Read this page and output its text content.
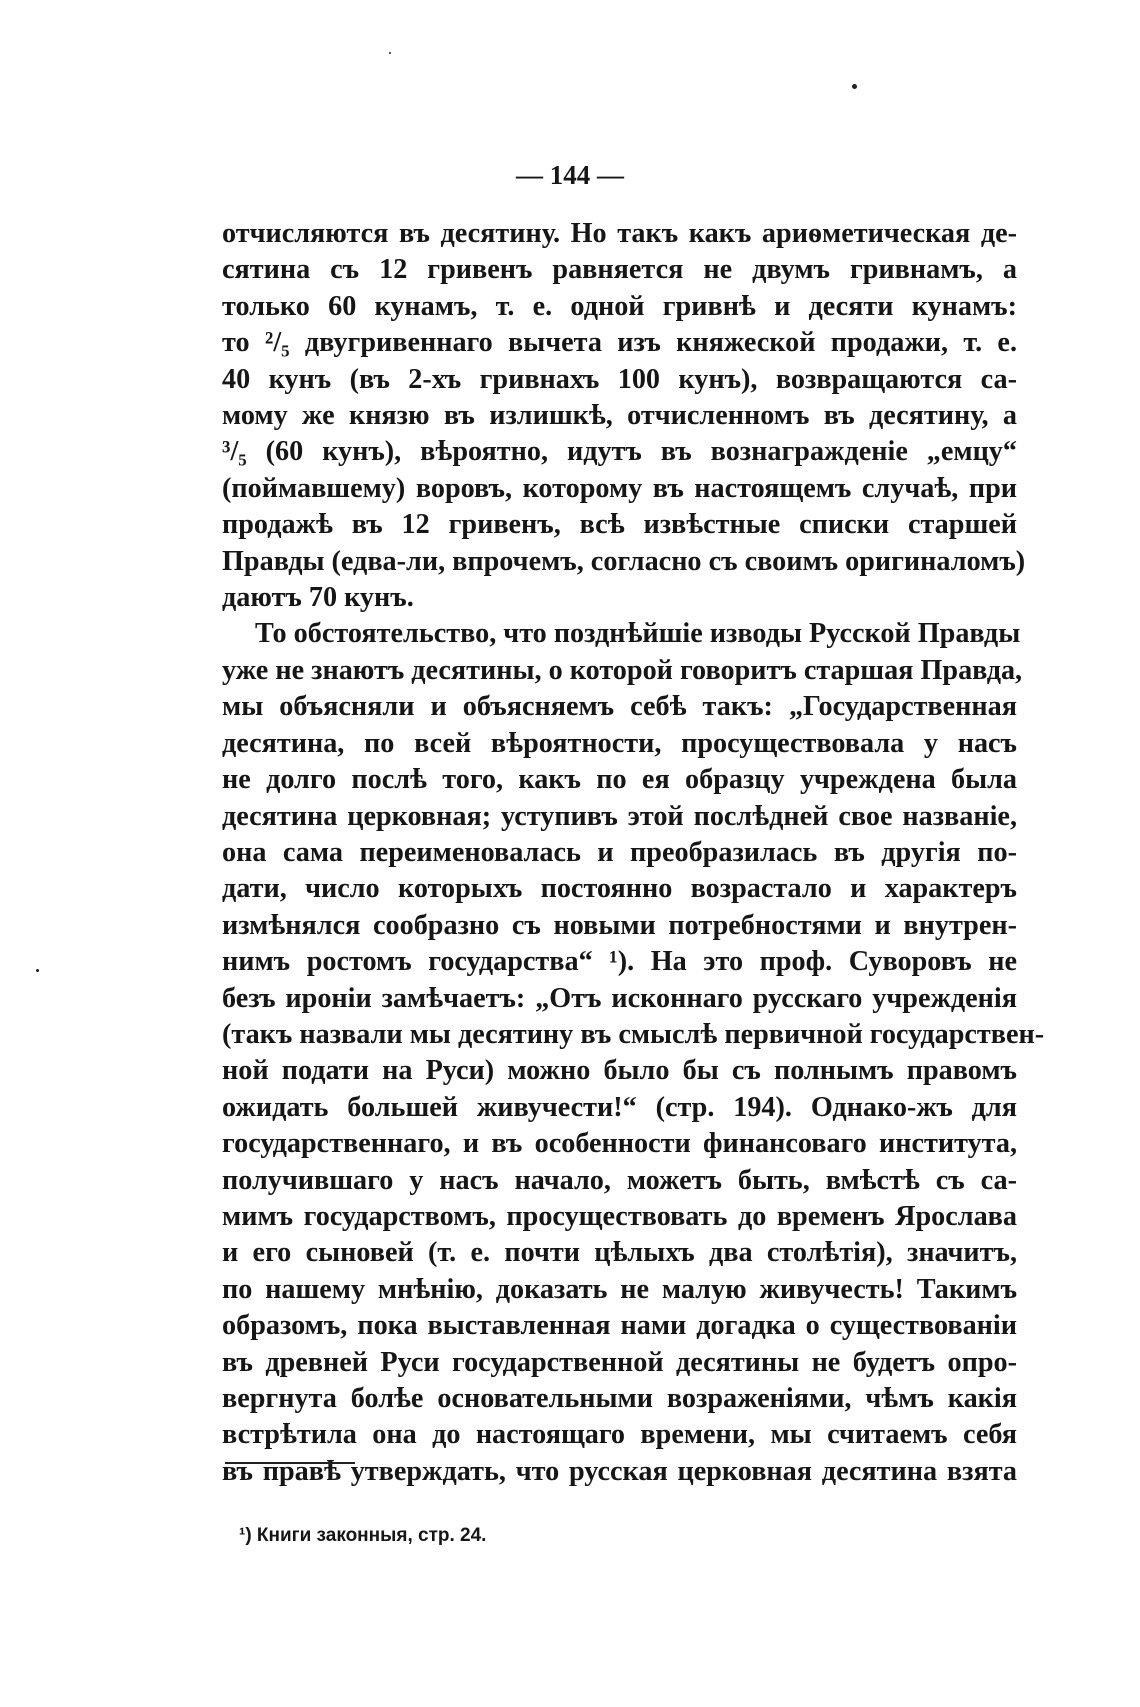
— 144 —

отчисляются въ десятину. Но такъ какъ ариѳметическая де-

сятина съ 12 гривенъ равняется не двумъ гривнамъ, а

только 60 кунамъ, т. е. одной гривнѣ и десяти кунамъ:

то ²/₅ двугривеннаго вычета изъ княжеской продажи, т. е.

40 кунъ (въ 2-хъ гривнахъ 100 кунъ), возвращаются са-

мому же князю въ излишкѣ, отчисленномъ въ десятину, а

³/₅ (60 кунъ), вѣроятно, идутъ въ вознагражденіе „емцу“

(поймавшему) воровъ, которому въ настоящемъ случаѣ, при

продажѣ въ 12 гривенъ, всѣ извѣстные списки старшей

Правды (едва-ли, впрочемъ, согласно съ своимъ оригиналомъ)

даютъ 70 кунъ.

То обстоятельство, что позднѣйшіе изводы Русской Правды

уже не знаютъ десятины, о которой говоритъ старшая Правда,

мы объясняли и объясняемъ себѣ такъ: „Государственная

десятина, по всей вѣроятности, просуществовала у насъ

не долго послѣ того, какъ по ея образцу учреждена была

десятина церковная; уступивъ этой послѣдней свое названіе,

она сама переименовалась и преобразилась въ другія по-

дати, число которыхъ постоянно возрастало и характеръ

измѣнялся сообразно съ новыми потребностями и внутрен-

нимъ ростомъ государства“ ¹). На это проф. Суворовъ не

безъ ироніи замѣчаетъ: „Отъ исконнаго русскаго учрежденія

(такъ назвали мы десятину въ смыслѣ первичной государствен-

ной подати на Руси) можно было бы съ полнымъ правомъ

ожидать большей живучести!“ (стр. 194). Однако-жъ для

государственнаго, и въ особенности финансоваго института,

получившаго у насъ начало, можетъ быть, вмѣстѣ съ са-

мимъ государствомъ, просуществовать до временъ Ярослава

и его сыновей (т. е. почти цѣлыхъ два столѣтія), значитъ,

по нашему мнѣнію, доказать не малую живучесть! Такимъ

образомъ, пока выставленная нами догадка о существованіи

въ древней Руси государственной десятины не будетъ опро-

вергнута болѣе основательными возраженіями, чѣмъ какія

встрѣтила она до настоящаго времени, мы считаемъ себя

въ правѣ утверждать, что русская церковная десятина взята

¹) Книги законныя, стр. 24.
